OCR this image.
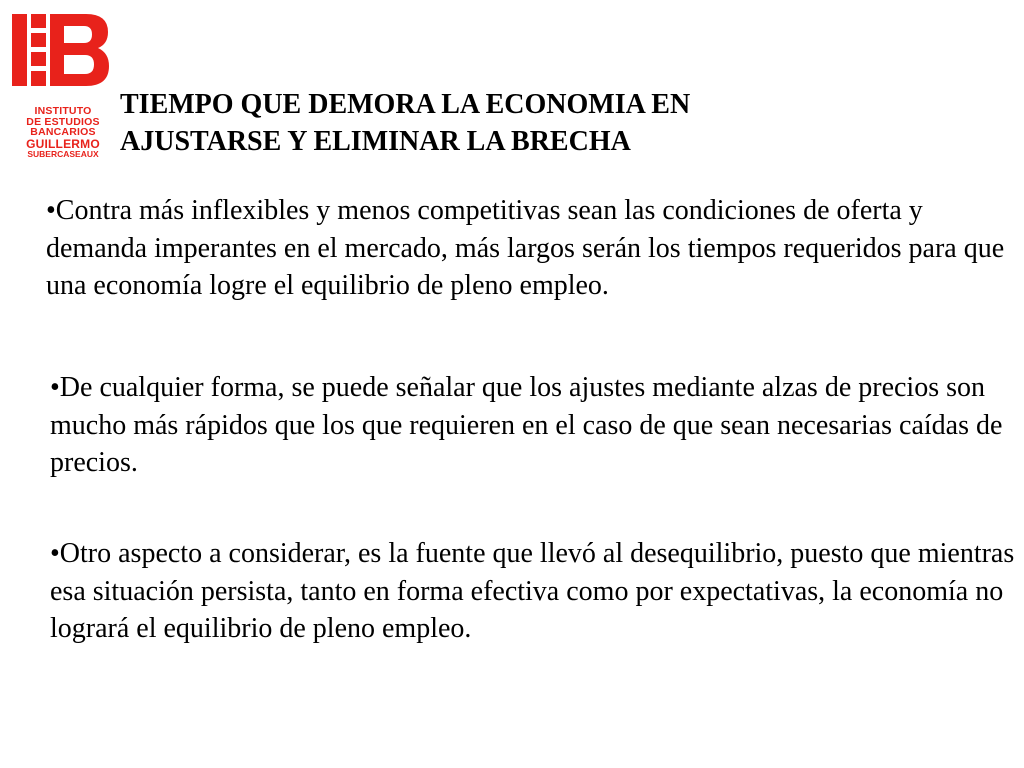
INSTITUTO
DE ESTUDIOS
BANCARIOS
GUILLERMO
SUBERCASEAUX
TIEMPO QUE DEMORA LA ECONOMIA EN
AJUSTARSE Y ELIMINAR LA BRECHA

•Contra más inflexibles y menos competitivas sean las condiciones de oferta y demanda imperantes en el mercado, más largos serán los tiempos requeridos para que una economía logre el equilibrio de pleno empleo.

•De cualquier forma, se puede señalar que los ajustes mediante alzas de precios son mucho más rápidos que los que requieren en el caso de que sean necesarias caídas de precios.

•Otro aspecto a considerar, es la fuente que llevó al desequilibrio, puesto que mientras esa situación persista, tanto en forma efectiva como por expectativas, la economía no logrará el equilibrio de pleno empleo.
